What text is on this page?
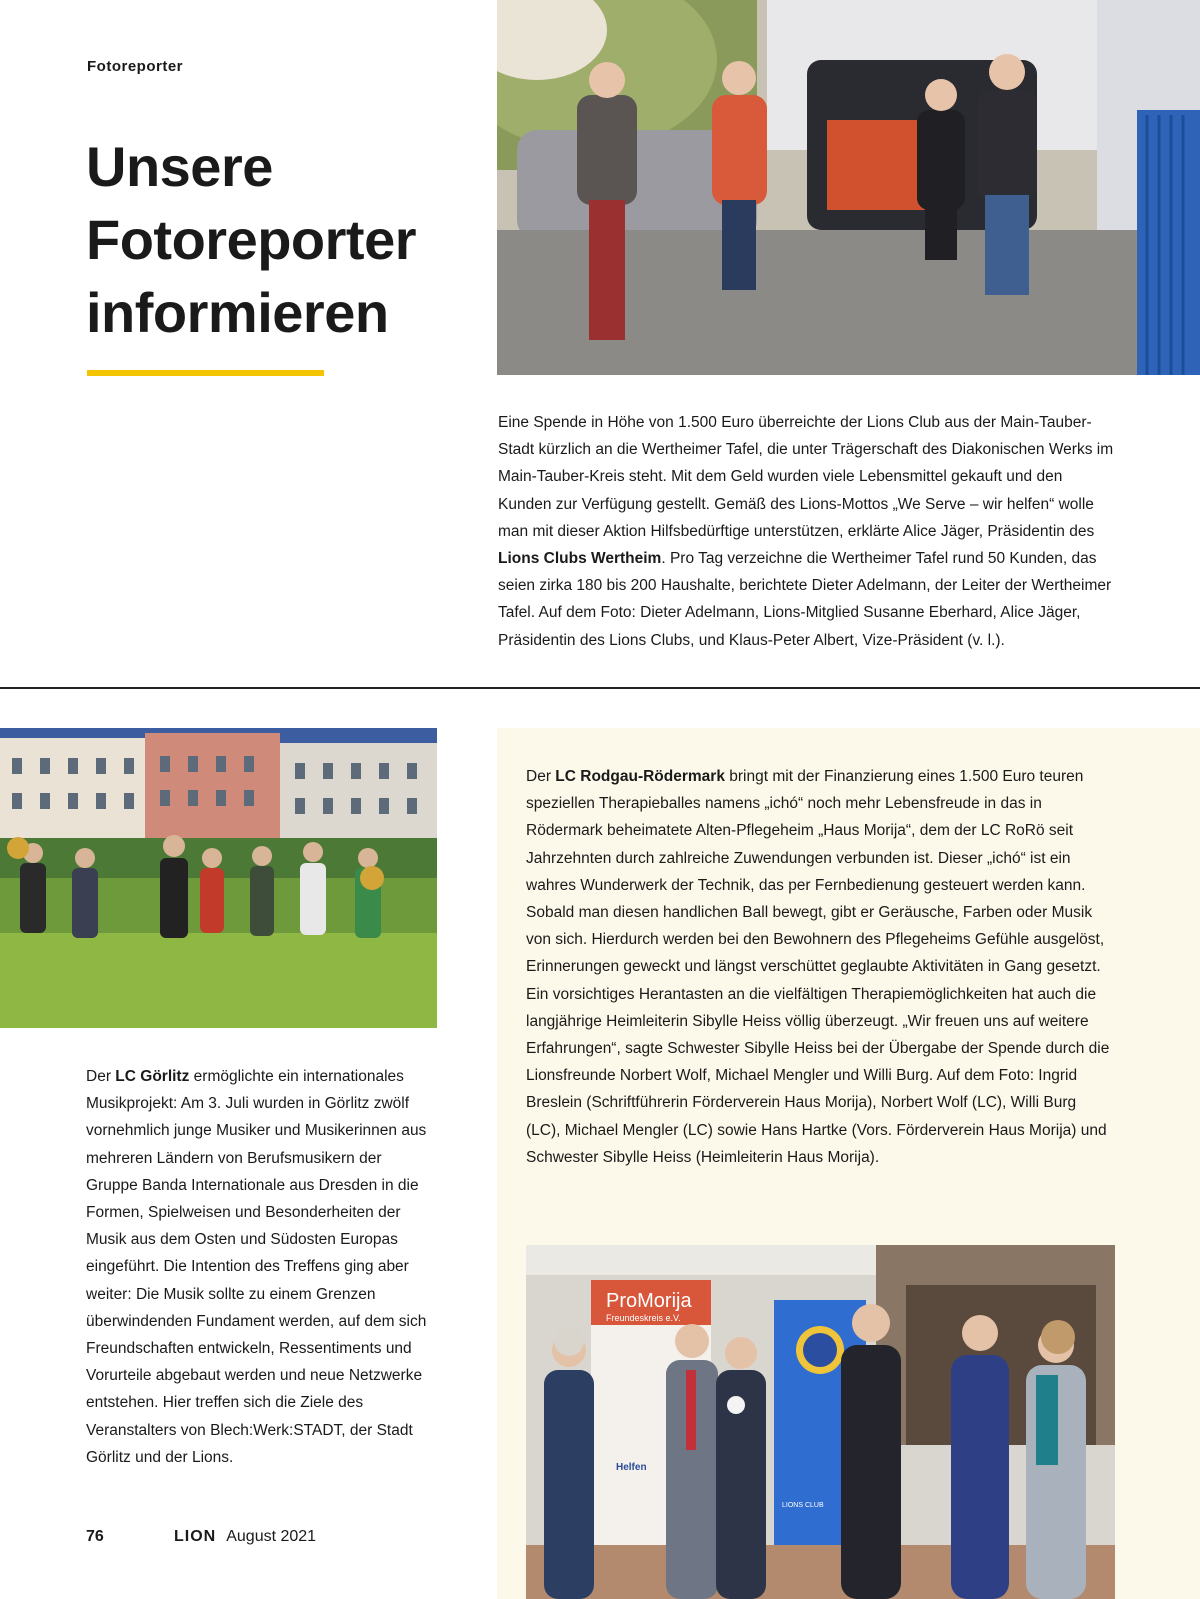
Fotoreporter
Unsere
Fotoreporter
informieren

Eine Spende in Höhe von 1.500 Euro überreichte der Lions Club aus der Main-Tauber-Stadt kürzlich an die Wertheimer Tafel, die unter Trägerschaft des Diakonischen Werks im Main-Tauber-Kreis steht. Mit dem Geld wurden viele Lebensmittel gekauft und den Kunden zur Verfügung gestellt. Gemäß des Lions-Mottos „We Serve – wir helfen“ wolle man mit dieser Aktion Hilfsbedürftige unterstützen, erklärte Alice Jäger, Präsidentin des Lions Clubs Wertheim. Pro Tag verzeichne die Wertheimer Tafel rund 50 Kunden, das seien zirka 180 bis 200 Haushalte, berichtete Dieter Adelmann, der Leiter der Wertheimer Tafel. Auf dem Foto: Dieter Adelmann, Lions-Mitglied Susanne Eberhard, Alice Jäger, Präsidentin des Lions Clubs, und Klaus-Peter Albert, Vize-Präsident (v. l.).

Der LC Görlitz ermöglichte ein internationales Musikprojekt: Am 3. Juli wurden in Görlitz zwölf vornehmlich junge Musiker und Musikerinnen aus mehreren Ländern von Berufsmusikern der Gruppe Banda Internationale aus Dresden in die Formen, Spielweisen und Besonderheiten der Musik aus dem Osten und Südosten Europas eingeführt. Die Intention des Treffens ging aber weiter: Die Musik sollte zu einem Grenzen überwindenden Fundament werden, auf dem sich Freundschaften entwickeln, Ressentiments und Vorurteile abgebaut werden und neue Netzwerke entstehen. Hier treffen sich die Ziele des Veranstalters von Blech:Werk:STADT, der Stadt Görlitz und der Lions.

Der LC Rodgau-Rödermark bringt mit der Finanzierung eines 1.500 Euro teuren speziellen Therapieballes namens „ichó“ noch mehr Lebensfreude in das in Rödermark beheimatete Alten-Pflegeheim „Haus Morija“, dem der LC RoRö seit Jahrzehnten durch zahlreiche Zuwendungen verbunden ist. Dieser „ichó“ ist ein wahres Wunderwerk der Technik, das per Fernbedienung gesteuert werden kann. Sobald man diesen handlichen Ball bewegt, gibt er Geräusche, Farben oder Musik von sich. Hierdurch werden bei den Bewohnern des Pflegeheims Gefühle ausgelöst, Erinnerungen geweckt und längst verschüttet geglaubte Aktivitäten in Gang gesetzt. Ein vorsichtiges Herantasten an die vielfältigen Therapiemöglichkeiten hat auch die langjährige Heimleiterin Sibylle Heiss völlig überzeugt. „Wir freuen uns auf weitere Erfahrungen“, sagte Schwester Sibylle Heiss bei der Übergabe der Spende durch die Lionsfreunde Norbert Wolf, Michael Mengler und Willi Burg. Auf dem Foto: Ingrid Breslein (Schriftführerin Förderverein Haus Morija), Norbert Wolf (LC), Willi Burg (LC), Michael Mengler (LC) sowie Hans Hartke (Vors. Förderverein Haus Morija) und Schwester Sibylle Heiss (Heimleiterin Haus Morija).

ProMorija
Freundeskreis e.V.
Helfen
LIONS CLUB
76	LION August 2021
